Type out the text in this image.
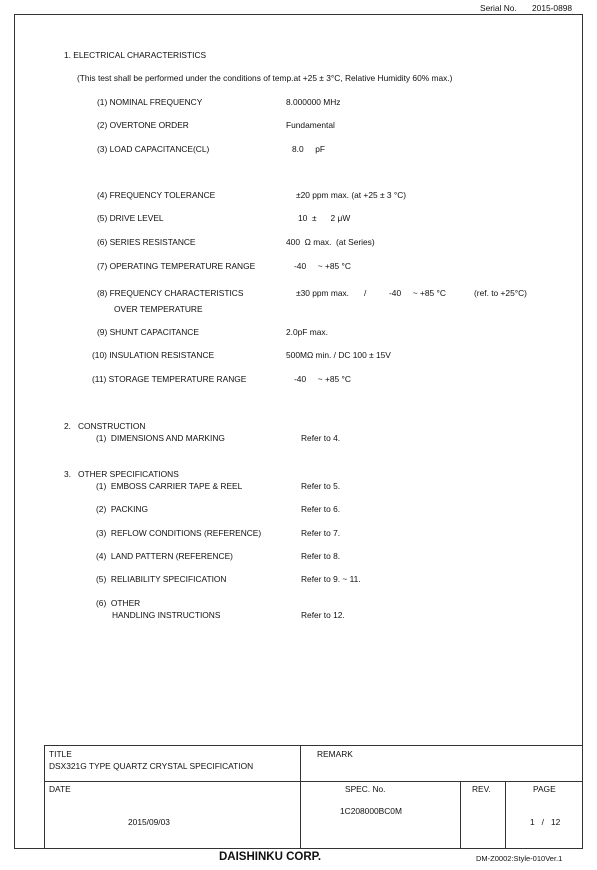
Serial No. 2015-0898
1. ELECTRICAL CHARACTERISTICS
(This test shall be performed under the conditions of temp.at +25 ± 3°C, Relative Humidity 60% max.)
(1) NOMINAL FREQUENCY	8.000000 MHz
(2) OVERTONE ORDER	Fundamental
(3) LOAD CAPACITANCE(CL)	8.0     pF
(4) FREQUENCY TOLERANCE	±20 ppm max. (at +25 ± 3 °C)
(5) DRIVE LEVEL	10  ±      2 μW
(6) SERIES RESISTANCE	400  Ω max.  (at Series)
(7) OPERATING TEMPERATURE RANGE	-40     ~ +85 °C
(8) FREQUENCY CHARACTERISTICS
OVER TEMPERATURE
±30 ppm max. /	-40     ~ +85 °C	(ref. to +25°C)
(9) SHUNT CAPACITANCE	2.0pF max.
(10) INSULATION RESISTANCE	500MΩ min. / DC 100 ± 15V
(11) STORAGE TEMPERATURE RANGE	-40     ~ +85 °C
2.   CONSTRUCTION
(1)  DIMENSIONS AND MARKING	Refer to 4.
3.   OTHER SPECIFICATIONS
(1)  EMBOSS CARRIER TAPE & REEL	Refer to 5.
(2)  PACKING	Refer to 6.
(3)  REFLOW CONDITIONS (REFERENCE)	Refer to 7.
(4)  LAND PATTERN (REFERENCE)	Refer to 8.
(5)  RELIABILITY SPECIFICATION	Refer to 9. ~ 11.
(6)  OTHER
HANDLING INSTRUCTIONS	Refer to 12.
TITLE
DSX321G TYPE QUARTZ CRYSTAL SPECIFICATION
REMARK
DATE
2015/09/03
SPEC. No.
1C208000BC0M
REV.	PAGE
1   /   12
DAISHINKU CORP.	DM-Z0002:Style-010Ver.1
